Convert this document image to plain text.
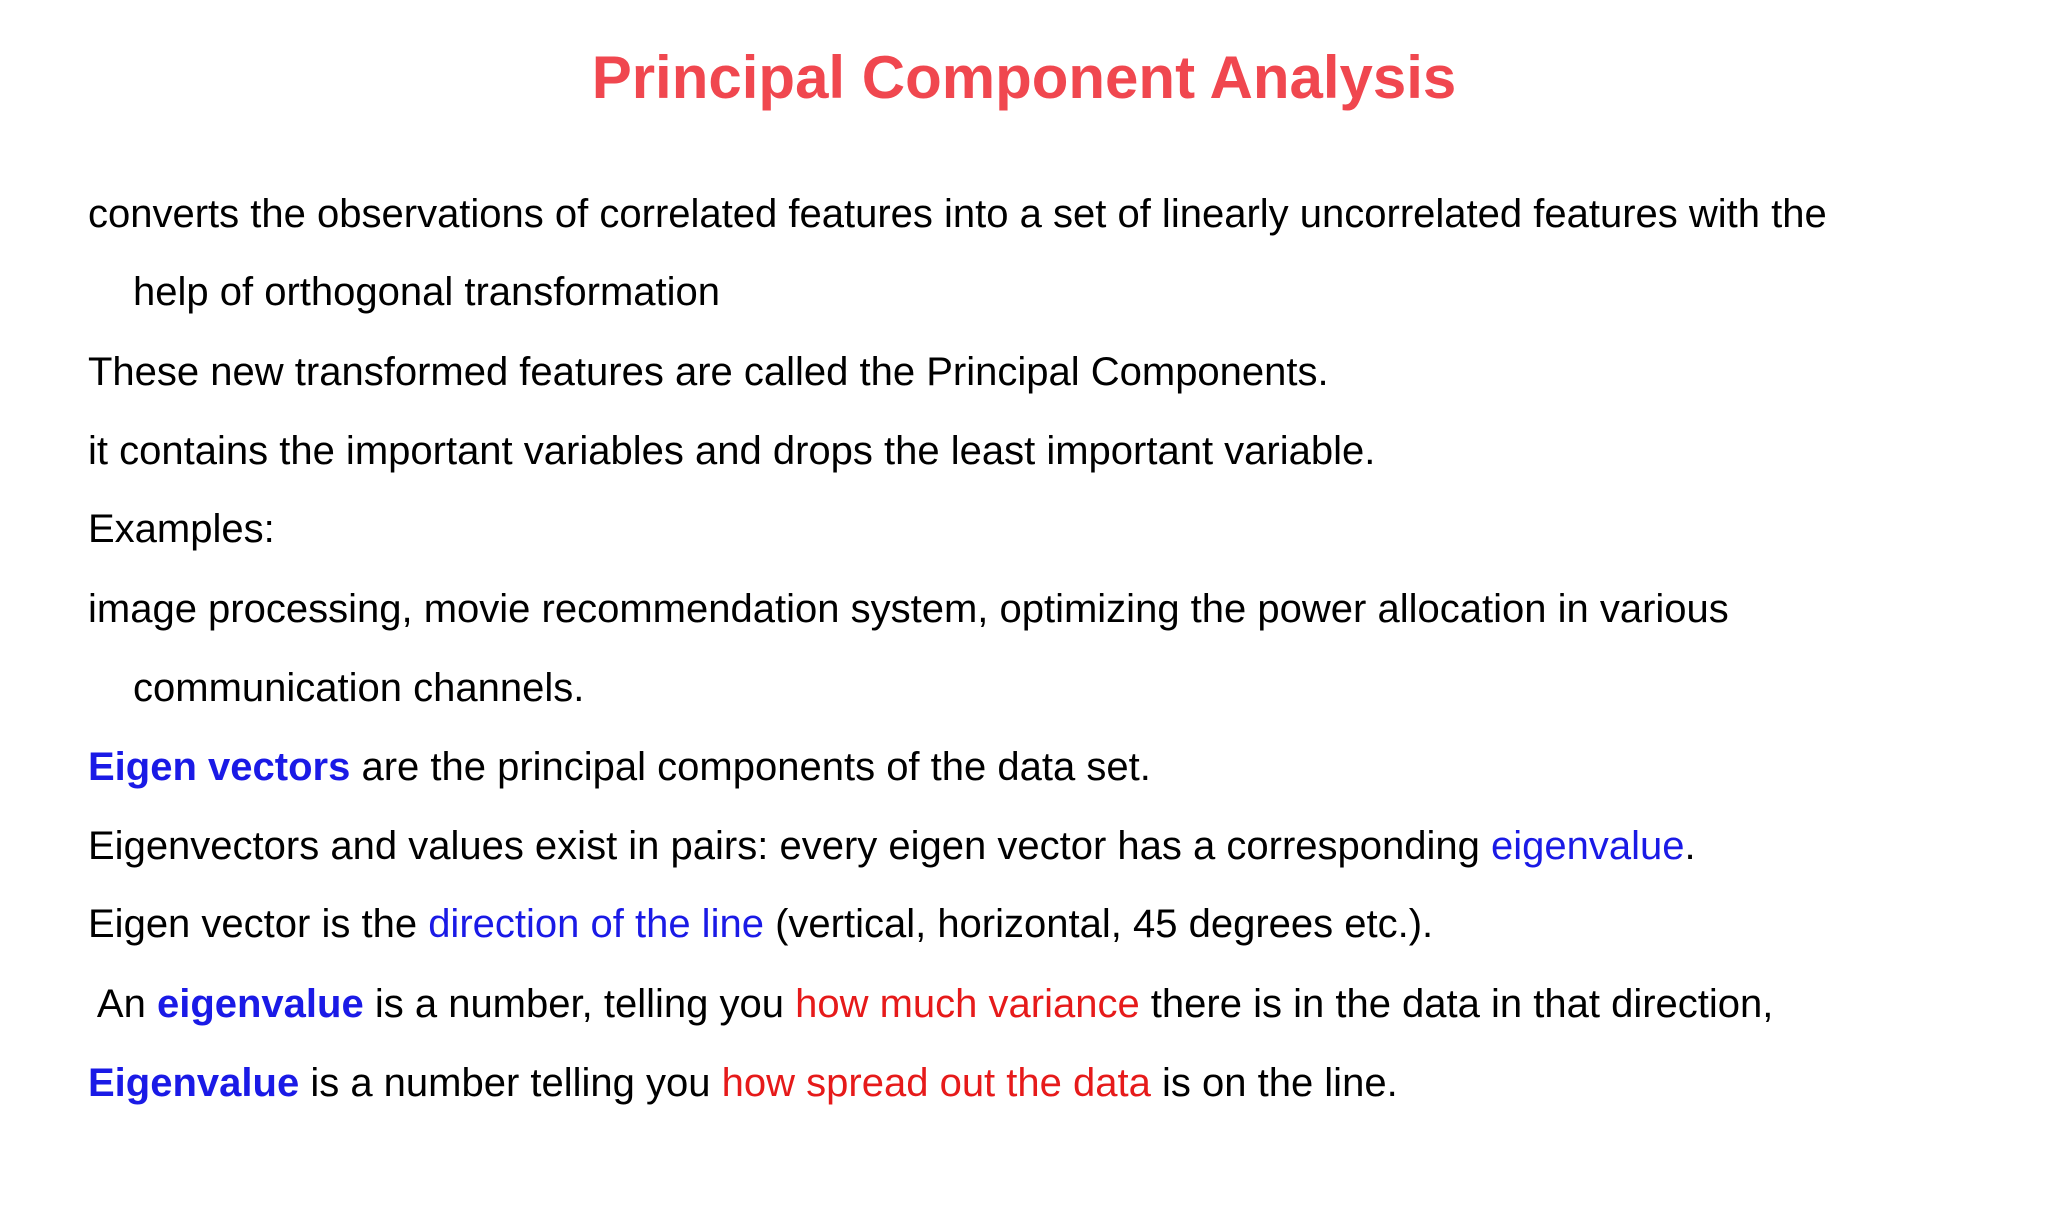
Principal Component Analysis
converts the observations of correlated features into a set of linearly uncorrelated features with the
help of orthogonal transformation
These new transformed features are called the Principal Components.
it contains the important variables and drops the least important variable.
Examples:
image processing, movie recommendation system, optimizing the power allocation in various
communication channels.
Eigen vectors are the principal components of the data set.
Eigenvectors and values exist in pairs: every eigen vector has a corresponding eigenvalue.
Eigen vector is the direction of the line (vertical, horizontal, 45 degrees etc.).
An eigenvalue is a number, telling you how much variance there is in the data in that direction,
Eigenvalue is a number telling you how spread out the data is on the line.
